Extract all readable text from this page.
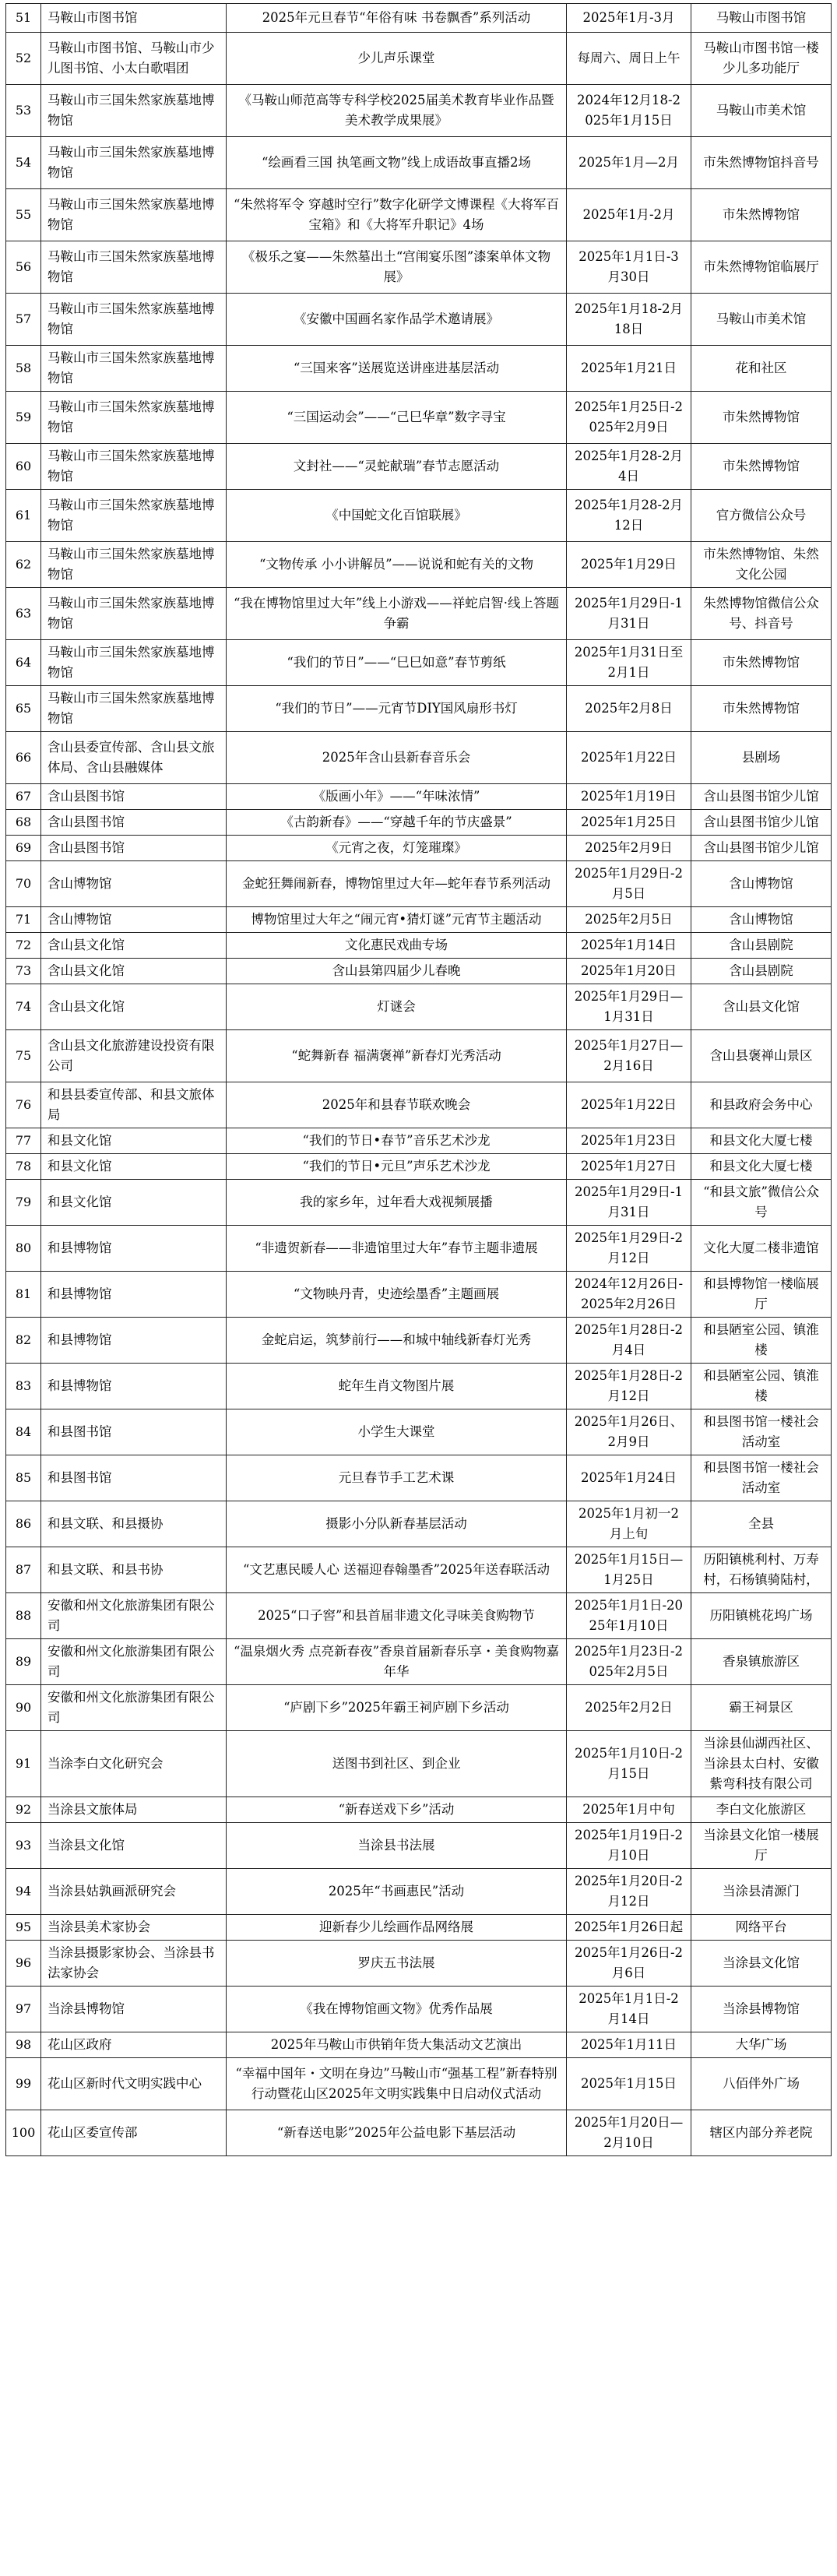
51	马鞍山市图书馆	2025年元旦春节“年俗有味 书卷飘香”系列活动	2025年1月-3月	马鞍山市图书馆
52	马鞍山市图书馆、马鞍山市少儿图书馆、小太白歌唱团	少儿声乐课堂	每周六、周日上午	马鞍山市图书馆一楼少儿多功能厅
53	马鞍山市三国朱然家族墓地博物馆	《马鞍山师范高等专科学校2025届美术教育毕业作品暨美术教学成果展》	2024年12月18-2025年1月15日	马鞍山市美术馆
54	马鞍山市三国朱然家族墓地博物馆	“绘画看三国 执笔画文物”线上成语故事直播2场	2025年1月—2月	市朱然博物馆抖音号
55	马鞍山市三国朱然家族墓地博物馆	“朱然将军令 穿越时空行”数字化研学文博课程《大将军百宝箱》和《大将军升职记》4场	2025年1月-2月	市朱然博物馆
56	马鞍山市三国朱然家族墓地博物馆	《极乐之宴——朱然墓出土“宫闱宴乐图”漆案单体文物展》	2025年1月1日-3月30日	市朱然博物馆临展厅
57	马鞍山市三国朱然家族墓地博物馆	《安徽中国画名家作品学术邀请展》	2025年1月18-2月18日	马鞍山市美术馆
58	马鞍山市三国朱然家族墓地博物馆	“三国来客”送展览送讲座进基层活动	2025年1月21日	花和社区
59	马鞍山市三国朱然家族墓地博物馆	“三国运动会”——“己巳华章”数字寻宝	2025年1月25日-2025年2月9日	市朱然博物馆
60	马鞍山市三国朱然家族墓地博物馆	文封社——“灵蛇献瑞”春节志愿活动	2025年1月28-2月4日	市朱然博物馆
61	马鞍山市三国朱然家族墓地博物馆	《中国蛇文化百馆联展》	2025年1月28-2月12日	官方微信公众号
62	马鞍山市三国朱然家族墓地博物馆	“文物传承 小小讲解员”——说说和蛇有关的文物	2025年1月29日	市朱然博物馆、朱然文化公园
63	马鞍山市三国朱然家族墓地博物馆	“我在博物馆里过大年”线上小游戏——祥蛇启智·线上答题争霸	2025年1月29日-1月31日	朱然博物馆微信公众号、抖音号
64	马鞍山市三国朱然家族墓地博物馆	“我们的节日”——“巳巳如意”春节剪纸	2025年1月31日至2月1日	市朱然博物馆
65	马鞍山市三国朱然家族墓地博物馆	“我们的节日”——元宵节DIY国风扇形书灯	2025年2月8日	市朱然博物馆
66	含山县委宣传部、含山县文旅体局、含山县融媒体	2025年含山县新春音乐会	2025年1月22日	县剧场
67	含山县图书馆	《版画小年》——“年味浓情”	2025年1月19日	含山县图书馆少儿馆
68	含山县图书馆	《古韵新春》——“穿越千年的节庆盛景”	2025年1月25日	含山县图书馆少儿馆
69	含山县图书馆	《元宵之夜，灯笼璀璨》	2025年2月9日	含山县图书馆少儿馆
70	含山博物馆	金蛇狂舞闹新春，博物馆里过大年—蛇年春节系列活动	2025年1月29日-2月5日	含山博物馆
71	含山博物馆	博物馆里过大年之“闹元宵•猜灯谜”元宵节主题活动	2025年2月5日	含山博物馆
72	含山县文化馆	文化惠民戏曲专场	2025年1月14日	含山县剧院
73	含山县文化馆	含山县第四届少儿春晚	2025年1月20日	含山县剧院
74	含山县文化馆	灯谜会	2025年1月29日—1月31日	含山县文化馆
75	含山县文化旅游建设投资有限公司	“蛇舞新春 福满褒禅”新春灯光秀活动	2025年1月27日—2月16日	含山县褒禅山景区
76	和县县委宣传部、和县文旅体局	2025年和县春节联欢晚会	2025年1月22日	和县政府会务中心
77	和县文化馆	“我们的节日•春节”音乐艺术沙龙	2025年1月23日	和县文化大厦七楼
78	和县文化馆	“我们的节日•元旦”声乐艺术沙龙	2025年1月27日	和县文化大厦七楼
79	和县文化馆	我的家乡年，过年看大戏视频展播	2025年1月29日-1月31日	“和县文旅”微信公众号
80	和县博物馆	“非遗贺新春——非遗馆里过大年”春节主题非遗展	2025年1月29日-2月12日	文化大厦二楼非遗馆
81	和县博物馆	“文物映丹青，史迹绘墨香”主题画展	2024年12月26日-2025年2月26日	和县博物馆一楼临展厅
82	和县博物馆	金蛇启运，筑梦前行——和城中轴线新春灯光秀	2025年1月28日-2月4日	和县陋室公园、镇淮楼
83	和县博物馆	蛇年生肖文物图片展	2025年1月28日-2月12日	和县陋室公园、镇淮楼
84	和县图书馆	小学生大课堂	2025年1月26日、2月9日	和县图书馆一楼社会活动室
85	和县图书馆	元旦春节手工艺术课	2025年1月24日	和县图书馆一楼社会活动室
86	和县文联、和县摄协	摄影小分队新春基层活动	2025年1月初一2月上旬	全县
87	和县文联、和县书协	“文艺惠民暖人心 送福迎春翰墨香”2025年送春联活动	2025年1月15日—1月25日	历阳镇桃利村、万寿村，石杨镇骑陆村，
88	安徽和州文化旅游集团有限公司	2025“口子窖”和县首届非遗文化寻味美食购物节	2025年1月1日-2025年1月10日	历阳镇桃花坞广场
89	安徽和州文化旅游集团有限公司	“温泉烟火秀 点亮新春夜”香泉首届新春乐享・美食购物嘉年华	2025年1月23日-2025年2月5日	香泉镇旅游区
90	安徽和州文化旅游集团有限公司	“庐剧下乡”2025年霸王祠庐剧下乡活动	2025年2月2日	霸王祠景区
91	当涂李白文化研究会	送图书到社区、到企业	2025年1月10日-2月15日	当涂县仙湖西社区、当涂县太白村、安徽紫弯科技有限公司
92	当涂县文旅体局	“新春送戏下乡”活动	2025年1月中旬	李白文化旅游区
93	当涂县文化馆	当涂县书法展	2025年1月19日-2月10日	当涂县文化馆一楼展厅
94	当涂县姑孰画派研究会	2025年“书画惠民”活动	2025年1月20日-2月12日	当涂县清源门
95	当涂县美术家协会	迎新春少儿绘画作品网络展	2025年1月26日起	网络平台
96	当涂县摄影家协会、当涂县书法家协会	罗庆五书法展	2025年1月26日-2月6日	当涂县文化馆
97	当涂县博物馆	《我在博物馆画文物》优秀作品展	2025年1月1日-2月14日	当涂县博物馆
98	花山区政府	2025年马鞍山市供销年货大集活动文艺演出	2025年1月11日	大华广场
99	花山区新时代文明实践中心	“幸福中国年・文明在身边”马鞍山市“强基工程”新春特别行动暨花山区2025年文明实践集中日启动仪式活动	2025年1月15日	八佰伴外广场
100	花山区委宣传部	“新春送电影”2025年公益电影下基层活动	2025年1月20日—2月10日	辖区内部分养老院
